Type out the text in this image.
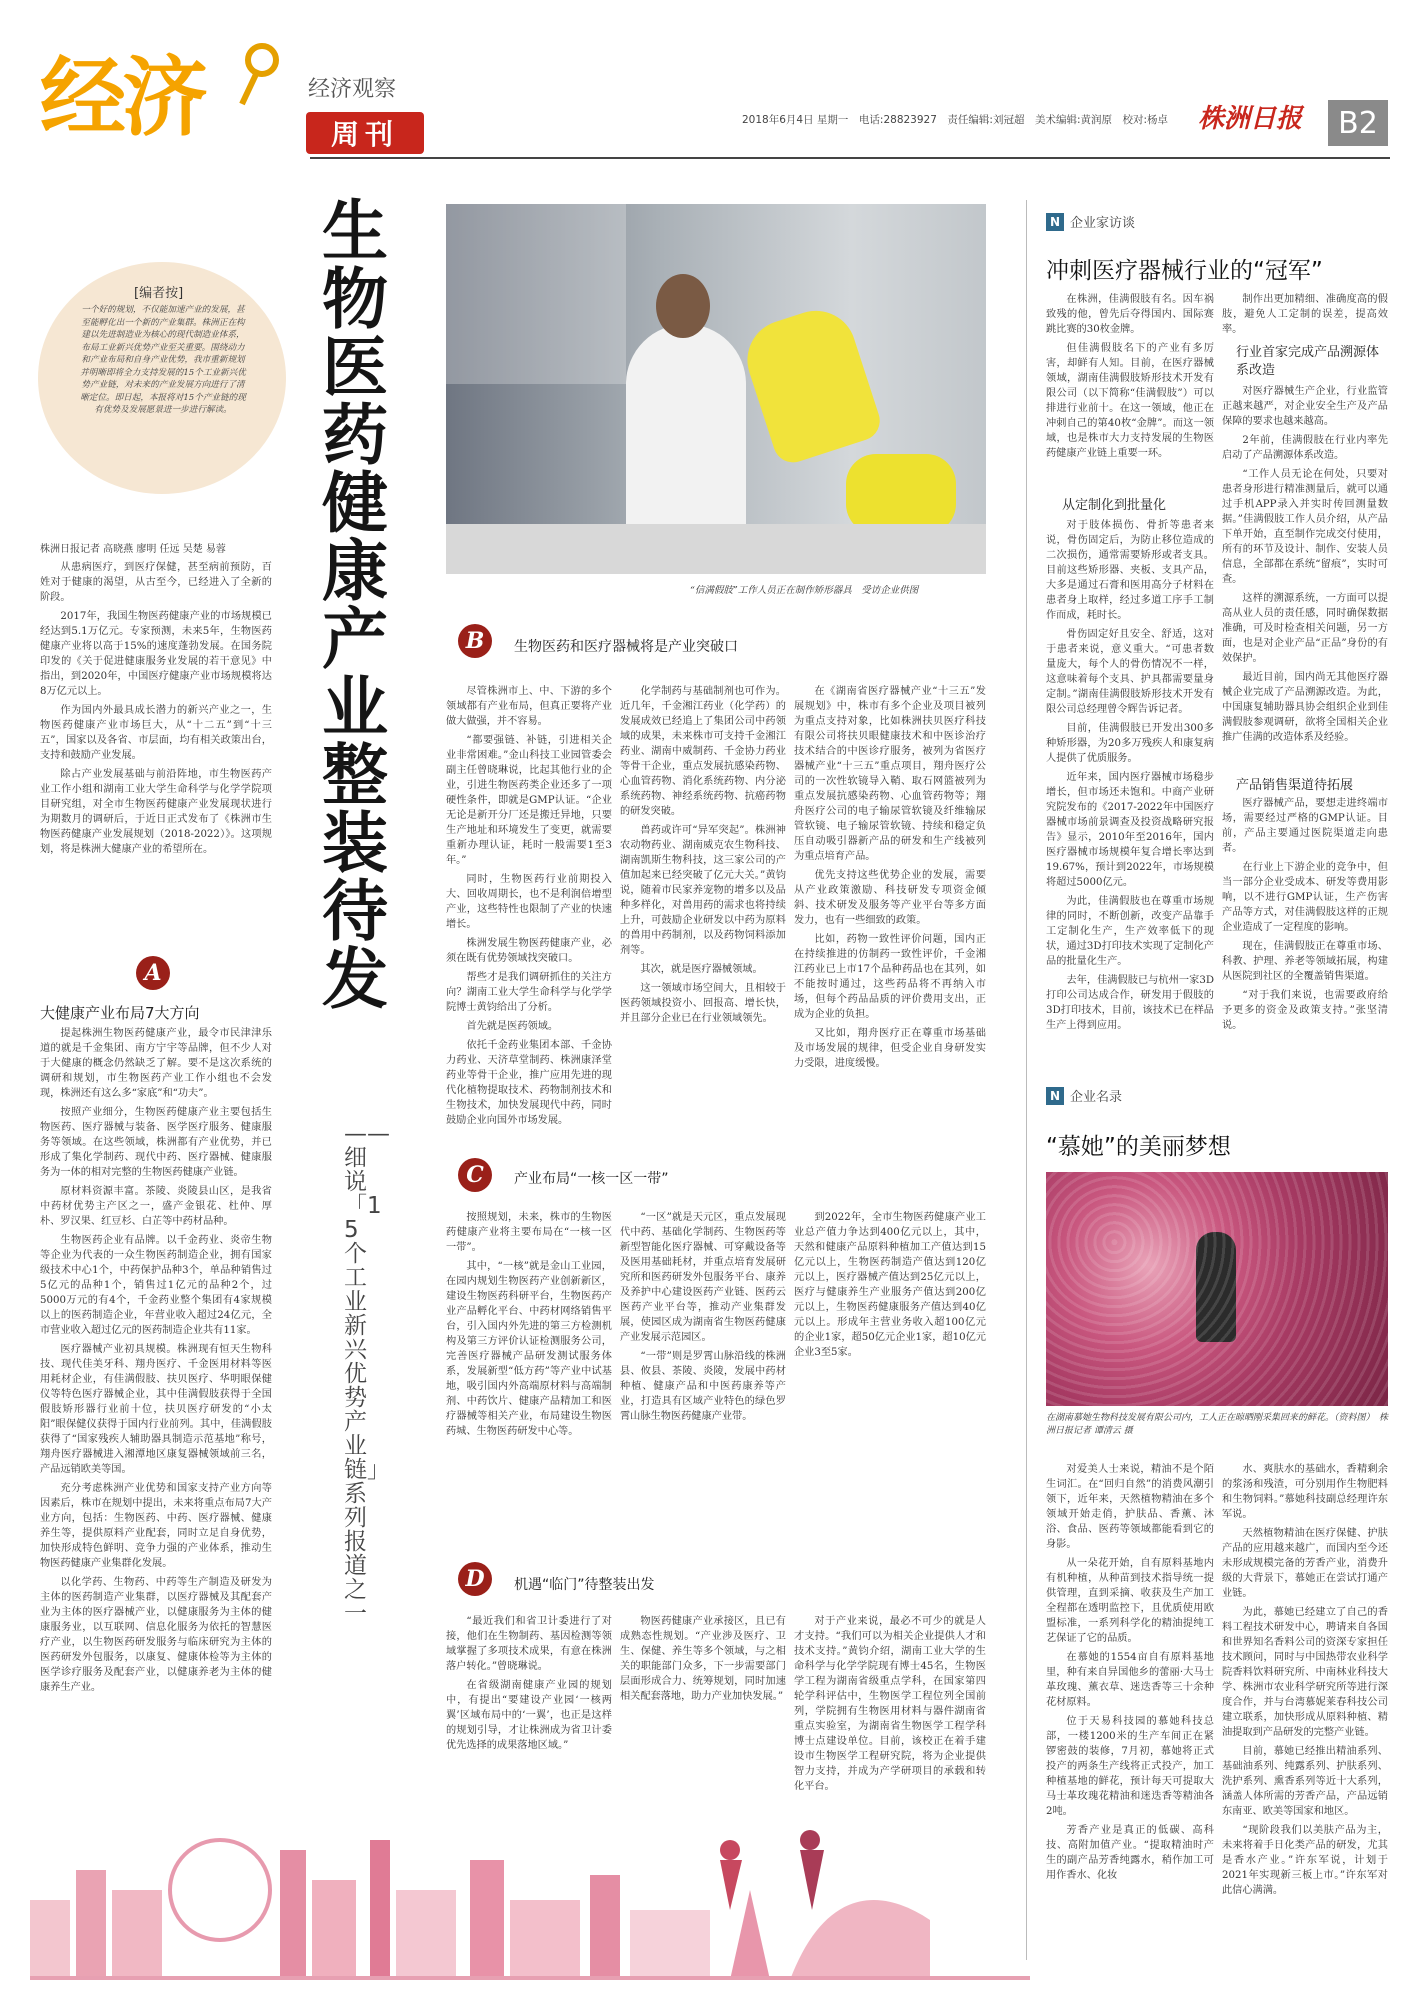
经济	经济观察
周刊	2018年6月4日 星期一　电话:28823927　责任编辑:刘冠超　美术编辑:黄润原　校对:杨卓 株洲日报 B2
[编者按]
一个好的规划，不仅能加速产业的发展，甚至能孵化出一个新的产业集群。株洲正在构建以先进制造业为核心的现代制造业体系，布局工业新兴优势产业至关重要。围绕动力和产业布局和自身产业优势，我市重新规划并明晰即将全力支持发展的15个工业新兴优势产业链，对未来的产业发展方向进行了清晰定位。即日起，本报将对15个产业链的现有优势及发展愿景进一步进行解读。
株洲日报记者 高晓燕 廖明 任远 吴楚 易蓉
生物医药健康产业整装待发
——细说「15个工业新兴优势产业链」系列报道之一
“信满假肢”工作人员正在制作矫形器具　受访企业供图

从患病医疗，到医疗保健，甚至病前预防，百姓对于健康的渴望，从古至今，已经进入了全新的阶段。

2017年，我国生物医药健康产业的市场规模已经达到5.1万亿元。专家预测，未来5年，生物医药健康产业将以高于15%的速度蓬勃发展。在国务院印发的《关于促进健康服务业发展的若干意见》中指出，到2020年，中国医疗健康产业市场规模将达8万亿元以上。

作为国内外最具成长潜力的新兴产业之一，生物医药健康产业市场巨大，从“十二五”到“十三五”，国家以及各省、市层面，均有相关政策出台，支持和鼓励产业发展。

除占产业发展基础与前沿阵地，市生物医药产业工作小组和湖南工业大学生命科学与化学学院项目研究组，对全市生物医药健康产业发展现状进行为期数月的调研后，于近日正式发布了《株洲市生物医药健康产业发展规划（2018-2022）》。这项规划，将是株洲大健康产业的希望所在。

A
大健康产业布局7大方向

提起株洲生物医药健康产业，最令市民津津乐道的就是千金集团、南方宁宇等品牌，但不少人对于大健康的概念仍然缺乏了解。要不是这次系统的调研和规划，市生物医药产业工作小组也不会发现，株洲还有这么多“家底”和“功夫”。

按照产业细分，生物医药健康产业主要包括生物医药、医疗器械与装备、医学医疗服务、健康服务等领域。在这些领域，株洲都有产业优势，并已形成了集化学制药、现代中药、医疗器械、健康服务为一体的相对完整的生物医药健康产业链。

原材料资源丰富。茶陵、炎陵县山区，是我省中药材优势主产区之一，盛产金银花、杜仲、厚朴、罗汉果、红豆杉、白芷等中药材品种。

生物医药企业有品牌。以千金药业、炎帝生物等企业为代表的一众生物医药制造企业，拥有国家级技术中心1个，中药保护品种3个，单品种销售过5亿元的品种1个，销售过1亿元的品种2个，过5000万元的有4个，千金药业整个集团有4家规模以上的医药制造企业，年营业收入超过24亿元，全市营业收入超过亿元的医药制造企业共有11家。

医疗器械产业初具规模。株洲现有恒天生物科技、现代佳美牙科、翔舟医疗、千金医用材料等医用耗材企业，有佳满假肢、扶贝医疗、华明眼保健仪等特色医疗器械企业，其中佳满假肢获得于全国假肢矫形器行业前十位，扶贝医疗研发的“小太阳”眼保健仪获得于国内行业前列。其中，佳满假肢获得了“国家残疾人辅助器具制造示范基地”称号，翔舟医疗器械进入湘潭地区康复器械领域前三名，产品远销欧美等国。

充分考虑株洲产业优势和国家支持产业方向等因素后，株市在规划中提出，未来将重点布局7大产业方向，包括：生物医药、中药、医疗器械、健康养生等，提供原料产业配套，同时立足自身优势，加快形成特色鲜明、竞争力强的产业体系，推动生物医药健康产业集群化发展。

以化学药、生物药、中药等生产制造及研发为主体的医药制造产业集群，以医疗器械及其配套产业为主体的医疗器械产业，以健康服务为主体的健康服务业，以互联网、信息化服务为依托的智慧医疗产业，以生物医药研发服务与临床研究为主体的医药研发外包服务，以康复、健康体检等为主体的医学诊疗服务及配套产业，以健康养老为主体的健康养生产业。

B	生物医药和医疗器械将是产业突破口

尽管株洲市上、中、下游的多个领域都有产业布局，但真正要将产业做大做强，并不容易。

“都要强链、补链，引进相关企业非常困难。”金山科技工业园管委会副主任曾晓琳说，比起其他行业的企业，引进生物医药类企业还多了一项硬性条件，即就是GMP认证。“企业无论是新开分厂还是搬迁异地，只要生产地址和环境发生了变更，就需要重新办理认证，耗时一般需要1至3年。”

同时，生物医药行业前期投入大、回收周期长，也不是利润倍增型产业，这些特性也限制了产业的快速增长。

株洲发展生物医药健康产业，必须在既有优势领域找突破口。

帮些才是我们调研抓住的关注方向？湖南工业大学生命科学与化学学院博士黄钧给出了分析。

首先就是医药领域。

依托千金药业集团本部、千金协力药业、天济草堂制药、株洲康泽堂药业等骨干企业，推广应用先进的现代化植物提取技术、药物制剂技术和生物技术，加快发展现代中药，同时鼓励企业向国外市场发展。

化学制药与基础制剂也可作为。近几年，千金湘江药业（化学药）的发展成效已经追上了集团公司中药领域的成果，未来株市可支持千金湘江药业、湖南中威制药、千金协力药业等骨干企业，重点发展抗感染药物、心血管药物、消化系统药物、内分泌系统药物、神经系统药物、抗癌药物的研发突破。

兽药或许可“异军突起”。株洲神农动物药业、湖南威克农生物科技、湖南凯斯生物科技，这三家公司的产值加起来已经突破了亿元大关。”黄钧说，随着市民家养宠物的增多以及品种多样化，对兽用药的需求也将持续上升，可鼓励企业研发以中药为原料的兽用中药制剂，以及药物饲料添加剂等。

其次，就是医疗器械领域。

这一领域市场空间大，且相较于医药领域投资小、回报高、增长快，并且部分企业已在行业领域领先。

在《湖南省医疗器械产业“十三五”发展规划》中，株市有多个企业及项目被列为重点支持对象，比如株洲扶贝医疗科技有限公司将扶贝眼健康技术和中医诊治疗技术结合的中医诊疗服务，被列为省医疗器械产业“十三五”重点项目，翔舟医疗公司的一次性软镜导入鞘、取石网篮被列为重点发展抗感染药物、心血管药物等；翔舟医疗公司的电子输尿管软镜及纤维输尿管软镜、电子输尿管软镜、持续和稳定负压自动吸引器新产品的研发和生产线被列为重点培育产品。

优先支持这些优势企业的发展，需要从产业政策激励、科技研发专项资金倾斜、技术研发及服务等产业平台等多方面发力，也有一些细致的政策。

比如，药物一致性评价问题，国内正在持续推进的仿制药一致性评价，千金湘江药业已上市17个品种药品也在其列，如不能按时通过，这些药品将不再纳入市场，但每个药品品质的评价费用支出，正成为企业的负担。

又比如，翔舟医疗正在尊重市场基础及市场发展的规律，但受企业自身研发实力受限，进度缓慢。

C	产业布局“一核一区一带”

按照规划，未来，株市的生物医药健康产业将主要布局在“一核一区一带”。

其中，“一核”就是金山工业园，在园内规划生物医药产业创新新区，建设生物医药科研平台，生物医药产业产品孵化平台、中药材网络销售平台，引入国内外先进的第三方检测机构及第三方评价认证检测服务公司，完善医疗器械产品研发测试服务体系，发展新型“低方药”等产业中试基地，吸引国内外高端原材料与高端制剂、中药饮片、健康产品精加工和医疗器械等相关产业，布局建设生物医药城、生物医药研发中心等。

“一区”就是天元区，重点发展现代中药、基础化学制药、生物医药等新型智能化医疗器械、可穿戴设备等及医用基础耗材，并重点培育发展研究所和医药研发外包服务平台、康养及养护中心建设医药产业链、医药云医药产业平台等，推动产业集群发展，使园区成为湖南省生物医药健康产业发展示范园区。

“一带”则是罗霄山脉沿线的株洲县、攸县、茶陵、炎陵，发展中药材种植、健康产品和中医药康养等产业，打造具有区域产业特色的绿色罗霄山脉生物医药健康产业带。

到2022年，全市生物医药健康产业工业总产值力争达到400亿元以上，其中，天然和健康产品原料种植加工产值达到15亿元以上，生物医药制造产值达到120亿元以上，医疗器械产值达到25亿元以上，医疗与健康养生产业服务产值达到200亿元以上，生物医药健康服务产值达到40亿元以上。形成年主营业务收入超100亿元的企业1家，超50亿元企业1家，超10亿元企业3至5家。

D	机遇“临门”待整装出发

“最近我们和省卫计委进行了对接，他们在生物制药、基因检测等领域掌握了多项技术成果，有意在株洲落户转化。”曾晓琳说。

在省级湖南健康产业园的规划中，有提出“要建设产业园‘一核两翼’区域布局中的‘一翼’，也正是这样的规划引导，才让株洲成为省卫计委优先选择的成果落地区域。”

物医药健康产业承接区，且已有成熟态性规划。“产业涉及医疗、卫生、保健、养生等多个领域，与之相关的职能部门众多，下一步需要部门层面形成合力、统筹规划，同时加速相关配套落地，助力产业加快发展。”

对于产业来说，最必不可少的就是人才支持。“我们可以为相关企业提供人才和技术支持。”黄钧介绍，湖南工业大学的生命科学与化学学院现有博士45名，生物医学工程为湖南省级重点学科，在国家第四轮学科评估中，生物医学工程位列全国前列，学院拥有生物医用材料与器件湖南省重点实验室，为湖南省生物医学工程学科博士点建设单位。目前，该校正在着手建设市生物医学工程研究院，将为企业提供智力支持，并成为产学研项目的承载和转化平台。

N 企业家访谈
冲刺医疗器械行业的“冠军”

在株洲，佳满假肢有名。因车祸致残的他，曾先后夺得国内、国际赛跳比赛的30枚金牌。

但佳满假肢名下的产业有多厉害，却鲜有人知。目前，在医疗器械领域，湖南佳满假肢矫形技术开发有限公司（以下简称“佳满假肢”）可以排进行业前十。在这一领域，他正在冲刺自己的第40枚“金牌”。而这一领域，也是株市大力支持发展的生物医药健康产业链上重要一环。

从定制化到批量化

对于肢体损伤、骨折等患者来说，骨伤固定后，为防止移位造成的二次损伤，通常需要矫形或者支具。目前这些矫形器、夹板、支具产品，大多是通过石膏和医用高分子材料在患者身上取样，经过多道工序手工制作而成，耗时长。

骨伤固定好且安全、舒适，这对于患者来说，意义重大。“可患者数量庞大，每个人的骨伤情况不一样，这意味着每个支具、护具都需要量身定制。”湖南佳满假肢矫形技术开发有限公司总经理曾令辉告诉记者。

目前，佳满假肢已开发出300多种矫形器，为20多万残疾人和康复病人提供了优质服务。

近年来，国内医疗器械市场稳步增长，但市场还未饱和。中商产业研究院发布的《2017-2022年中国医疗器械市场前景调查及投资战略研究报告》显示，2010年至2016年，国内医疗器械市场规模年复合增长率达到19.67%，预计到2022年，市场规模将超过5000亿元。

为此，佳满假肢也在尊重市场规律的同时，不断创新，改变产品靠手工定制化生产，生产效率低下的现状，通过3D打印技术实现了定制化产品的批量化生产。

去年，佳满假肢已与杭州一家3D打印公司达成合作，研发用于假肢的3D打印技术，目前，该技术已在样品生产上得到应用。

制作出更加精细、准确度高的假肢，避免人工定制的误差，提高效率。

行业首家完成产品溯源体系改造

对医疗器械生产企业，行业监管正越来越严，对企业安全生产及产品保障的要求也越来越高。

2年前，佳满假肢在行业内率先启动了产品溯源体系改造。

“工作人员无论在何处，只要对患者身形进行精准测量后，就可以通过手机APP录入并实时传回测量数据。”佳满假肢工作人员介绍，从产品下单开始，直至制作完成交付使用，所有的环节及设计、制作、安装人员信息，全部都在系统“留痕”，实时可查。

这样的溯源系统，一方面可以提高从业人员的责任感，同时确保数据准确，可及时检查相关问题，另一方面，也是对企业产品“正品”身份的有效保护。

最近目前，国内尚无其他医疗器械企业完成了产品溯源改造。为此，中国康复辅助器具协会组织企业到佳满假肢参观调研，欲将全国相关企业推广佳满的改造体系及经验。

产品销售渠道待拓展

医疗器械产品，要想走进终端市场，需要经过严格的GMP认证。目前，产品主要通过医院渠道走向患者。

在行业上下游企业的竞争中，但当一部分企业受成本、研发等费用影响，以不进行GMP认证，生产伤害产品等方式，对佳满假肢这样的正规企业造成了一定程度的影响。

现在，佳满假肢正在尊重市场、科教、护理、养老等领域拓展，构建从医院到社区的全覆盖销售渠道。

“对于我们来说，也需要政府给予更多的资金及政策支持。”张坚清说。

N 企业名录
“慕她”的美丽梦想
在湖南慕她生物科技发展有限公司内，工人正在晾晒刚采集回来的鲜花。（资料图）　株洲日报记者 谭清云 摄

对爱美人士来说，精油不是个陌生词汇。在“回归自然”的消费风潮引领下，近年来，天然植物精油在多个领域开始走俏，护肤品、香薰、沐浴、食品、医药等领域都能看到它的身影。

从一朵花开始，自有原料基地内有机种植，从种苗到技术指导统一提供管理，直到采摘、收获及生产加工全程都在透明监控下，且优质使用欧盟标准，一系列科学化的精油提纯工艺保证了它的品质。

在慕她的1554亩自有原料基地里，种有来自异国他乡的蕾丽·大马士革玫瑰、薰衣草、迷迭香等三十余种花材原料。

位于天易科技园的慕她科技总部，一楼1200米的生产车间正在紧锣密鼓的装修，7月初，慕她将正式投产的两条生产线将正式投产，加工种植基地的鲜花，预计每天可提取大马士革玫瑰花精油和迷迭香等精油各2吨。

芳香产业是真正的低碳、高科技、高附加值产业。“提取精油时产生的副产品芳香纯露水，稍作加工可用作香水、化妆

水、爽肤水的基础水，香精剩余的浆汤和残渣，可分别用作生物肥料和生物饲料。”慕她科技副总经理许东军说。

天然植物精油在医疗保健、护肤产品的应用越来越广，而国内至今还未形成规模完备的芳香产业，消费升级的大背景下，慕她正在尝试打通产业链。

为此，慕她已经建立了自己的香料工程技术研发中心，聘请来自各国和世界知名香料公司的资深专家担任技术顾问，同时与中国热带农业科学院香料饮料研究所、中南林业科技大学、株洲市农业科学研究所等进行深度合作，并与台湾慕妮莱春科技公司建立联系，加快形成从原料种植、精油提取到产品研发的完整产业链。

目前，慕她已经推出精油系列、基础油系列、纯露系列、护肤系列、洗护系列、熏香系列等近十大系列，涵盖人体所需的芳香产品，产品远销东南亚、欧美等国家和地区。

“现阶段我们以美肤产品为主，未来将着手日化类产品的研发，尤其是香水产业。”许东军说，计划于2021年实现新三板上市。”许东军对此信心满满。
